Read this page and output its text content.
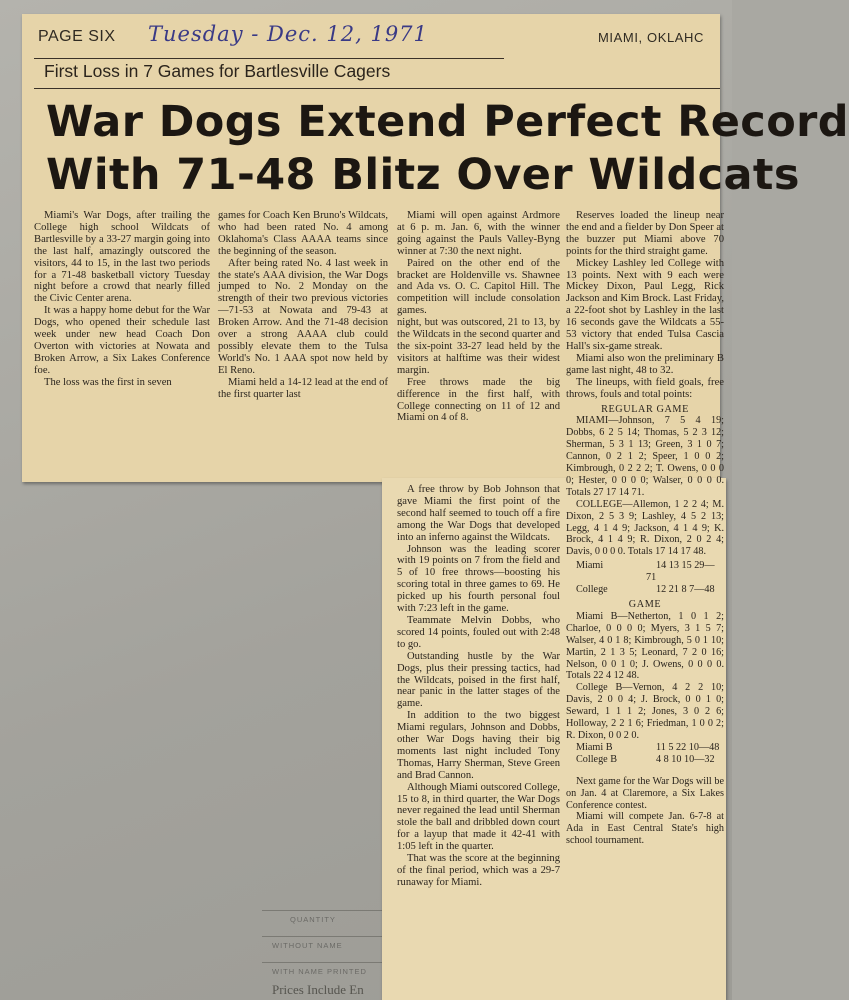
QUANTITY
WITHOUT NAME
WITH NAME PRINTED
Prices Include En
PAGE SIX Tuesday - Dec. 12, 1971	MIAMI, OKLAHC
First Loss in 7 Games for Bartlesville Cagers
War Dogs Extend Perfect Record
With 71-48 Blitz Over Wildcats

Miami's War Dogs, after trailing the College high school Wildcats of Bartlesville by a 33-27 margin going into the last half, amazingly outscored the visitors, 44 to 15, in the last two periods for a 71-48 basketball victory Tuesday night before a crowd that nearly filled the Civic Center arena.

It was a happy home debut for the War Dogs, who opened their schedule last week under new head Coach Don Overton with victories at Nowata and Broken Arrow, a Six Lakes Conference foe.

The loss was the first in seven

games for Coach Ken Bruno's Wildcats, who had been rated No. 4 among Oklahoma's Class AAAA teams since the beginning of the season.

After being rated No. 4 last week in the state's AAA division, the War Dogs jumped to No. 2 Monday on the strength of their two previous victories—71-53 at Nowata and 79-43 at Broken Arrow. And the 71-48 decision over a strong AAAA club could possibly elevate them to the Tulsa World's No. 1 AAA spot now held by El Reno.

Miami held a 14-12 lead at the end of the first quarter last

Miami will open against Ardmore at 6 p. m. Jan. 6, with the winner going against the Pauls Valley-Byng winner at 7:30 the next night.

Paired on the other end of the bracket are Holdenville vs. Shawnee and Ada vs. O. C. Capitol Hill. The competition will include consolation games.

night, but was outscored, 21 to 13, by the Wildcats in the second quarter and the six-point 33-27 lead held by the visitors at halftime was their widest margin.

Free throws made the big difference in the first half, with College connecting on 11 of 12 and Miami on 4 of 8.

A free throw by Bob Johnson that gave Miami the first point of the second half seemed to touch off a fire among the War Dogs that developed into an inferno against the Wildcats.

Johnson was the leading scorer with 19 points on 7 from the field and 5 of 10 free throws—boosting his scoring total in three games to 69. He picked up his fourth personal foul with 7:23 left in the game.

Teammate Melvin Dobbs, who scored 14 points, fouled out with 2:48 to go.

Outstanding hustle by the War Dogs, plus their pressing tactics, had the Wildcats, poised in the first half, near panic in the latter stages of the game.

In addition to the two biggest Miami regulars, Johnson and Dobbs, other War Dogs having their big moments last night included Tony Thomas, Harry Sherman, Steve Green and Brad Cannon.

Although Miami outscored College, 15 to 8, in third quarter, the War Dogs never regained the lead until Sherman stole the ball and dribbled down court for a layup that made it 42-41 with 1:05 left in the quarter.

That was the score at the beginning of the final period, which was a 29-7 runaway for Miami.

Reserves loaded the lineup near the end and a fielder by Don Speer at the buzzer put Miami above 70 points for the third straight game.

Mickey Lashley led College with 13 points. Next with 9 each were Mickey Dixon, Paul Legg, Rick Jackson and Kim Brock. Last Friday, a 22-foot shot by Lashley in the last 16 seconds gave the Wildcats a 55-53 victory that ended Tulsa Cascia Hall's six-game streak.

Miami also won the preliminary B game last night, 48 to 32.

The lineups, with field goals, free throws, fouls and total points:

REGULAR GAME

MIAMI—Johnson, 7 5 4 19; Dobbs, 6 2 5 14; Thomas, 5 2 3 12; Sherman, 5 3 1 13; Green, 3 1 0 7; Cannon, 0 2 1 2; Speer, 1 0 0 2; Kimbrough, 0 2 2 2; T. Owens, 0 0 0 0; Hester, 0 0 0 0; Walser, 0 0 0 0. Totals 27 17 14 71.

COLLEGE—Allemon, 1 2 2 4; M. Dixon, 2 5 3 9; Lashley, 4 5 2 13; Legg, 4 1 4 9; Jackson, 4 1 4 9; K. Brock, 4 1 4 9; R. Dixon, 2 0 2 4; Davis, 0 0 0 0. Totals 17 14 17 48.

Miami	14 13 15 29—71

College	12 21 8 7—48

GAME

Miami B—Netherton, 1 0 1 2; Charloe, 0 0 0 0; Myers, 3 1 5 7; Walser, 4 0 1 8; Kimbrough, 5 0 1 10; Martin, 2 1 3 5; Leonard, 7 2 0 16; Nelson, 0 0 1 0; J. Owens, 0 0 0 0. Totals 22 4 12 48.

College B—Vernon, 4 2 2 10; Davis, 2 0 0 4; J. Brock, 0 0 1 0; Seward, 1 1 1 2; Jones, 3 0 2 6; Holloway, 2 2 1 6; Friedman, 1 0 0 2; R. Dixon, 0 0 2 0.

Miami B	11 5 22 10—48

College B	4 8 10 10—32

Next game for the War Dogs will be on Jan. 4 at Claremore, a Six Lakes Conference contest.

Miami will compete Jan. 6-7-8 at Ada in East Central State's high school tournament.
